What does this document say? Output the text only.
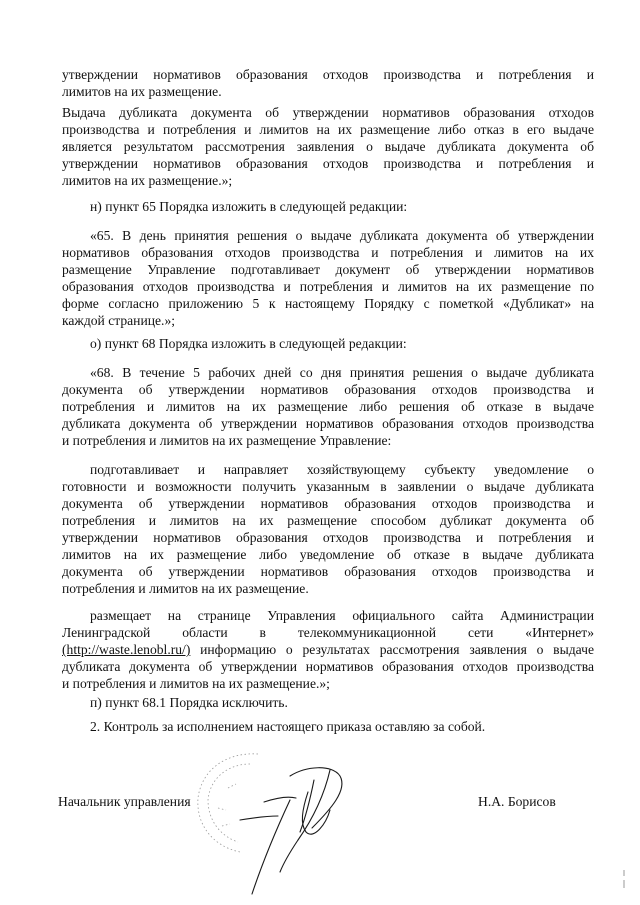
утверждении нормативов образования отходов производства и потребления и
лимитов на их размещение.

Выдача дубликата документа об утверждении нормативов образования отходов
производства и потребления и лимитов на их размещение либо отказ в его выдаче
является результатом рассмотрения заявления о выдаче дубликата документа об
утверждении нормативов образования отходов производства и потребления и
лимитов на их размещение.»;

н) пункт 65 Порядка изложить в следующей редакции:

«65. В день принятия решения о выдаче дубликата документа об утверждении
нормативов образования отходов производства и потребления и лимитов на их
размещение Управление подготавливает документ об утверждении нормативов
образования отходов производства и потребления и лимитов на их размещение по
форме согласно приложению 5 к настоящему Порядку с пометкой «Дубликат» на
каждой странице.»;

о) пункт 68 Порядка изложить в следующей редакции:

«68. В течение 5 рабочих дней со дня принятия решения о выдаче дубликата
документа об утверждении нормативов образования отходов производства и
потребления и лимитов на их размещение либо решения об отказе в выдаче
дубликата документа об утверждении нормативов образования отходов производства
и потребления и лимитов на их размещение Управление:

подготавливает и направляет хозяйствующему субъекту уведомление о
готовности и возможности получить указанным в заявлении о выдаче дубликата
документа об утверждении нормативов образования отходов производства и
потребления и лимитов на их размещение способом дубликат документа об
утверждении нормативов образования отходов производства и потребления и
лимитов на их размещение либо уведомление об отказе в выдаче дубликата
документа об утверждении нормативов образования отходов производства и
потребления и лимитов на их размещение.

размещает на странице Управления официального сайта Администрации
Ленинградской области в телекоммуникационной сети «Интернет»
(http://waste.lenobl.ru/) информацию о результатах рассмотрения заявления о выдаче
дубликата документа об утверждении нормативов образования отходов производства
и потребления и лимитов на их размещение.»;

п) пункт 68.1 Порядка исключить.

2. Контроль за исполнением настоящего приказа оставляю за собой.

Начальник управления	Н.А. Борисов
